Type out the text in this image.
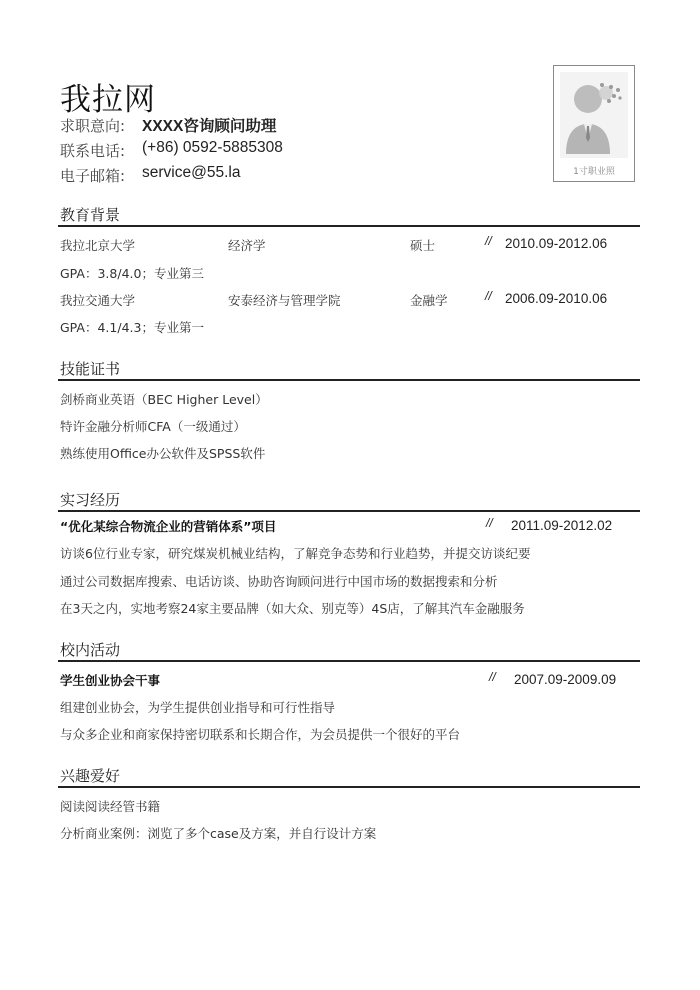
我拉网
求职意向: XXXX咨询顾问助理
联系电话: (+86) 0592-5885308
电子邮箱: service@55.la	1寸职业照
教育背景
我拉北京大学	经济学	硕士	// 2010.09-2012.06
GPA：3.8/4.0；专业第三
我拉交通大学	安泰经济与管理学院	金融学	// 2006.09-2010.06
GPA：4.1/4.3；专业第一
技能证书
剑桥商业英语（BEC Higher Level）
特许金融分析师CFA（一级通过）
熟练使用Office办公软件及SPSS软件
实习经历
“优化某综合物流企业的营销体系”项目	// 2011.09-2012.02
访谈6位行业专家，研究煤炭机械业结构，了解竞争态势和行业趋势，并提交访谈纪要
通过公司数据库搜索、电话访谈、协助咨询顾问进行中国市场的数据搜索和分析
在3天之内，实地考察24家主要品牌（如大众、别克等）4S店，了解其汽车金融服务
校内活动
学生创业协会干事	// 2007.09-2009.09
组建创业协会，为学生提供创业指导和可行性指导
与众多企业和商家保持密切联系和长期合作，为会员提供一个很好的平台
兴趣爱好
阅读阅读经管书籍
分析商业案例：浏览了多个case及方案，并自行设计方案
